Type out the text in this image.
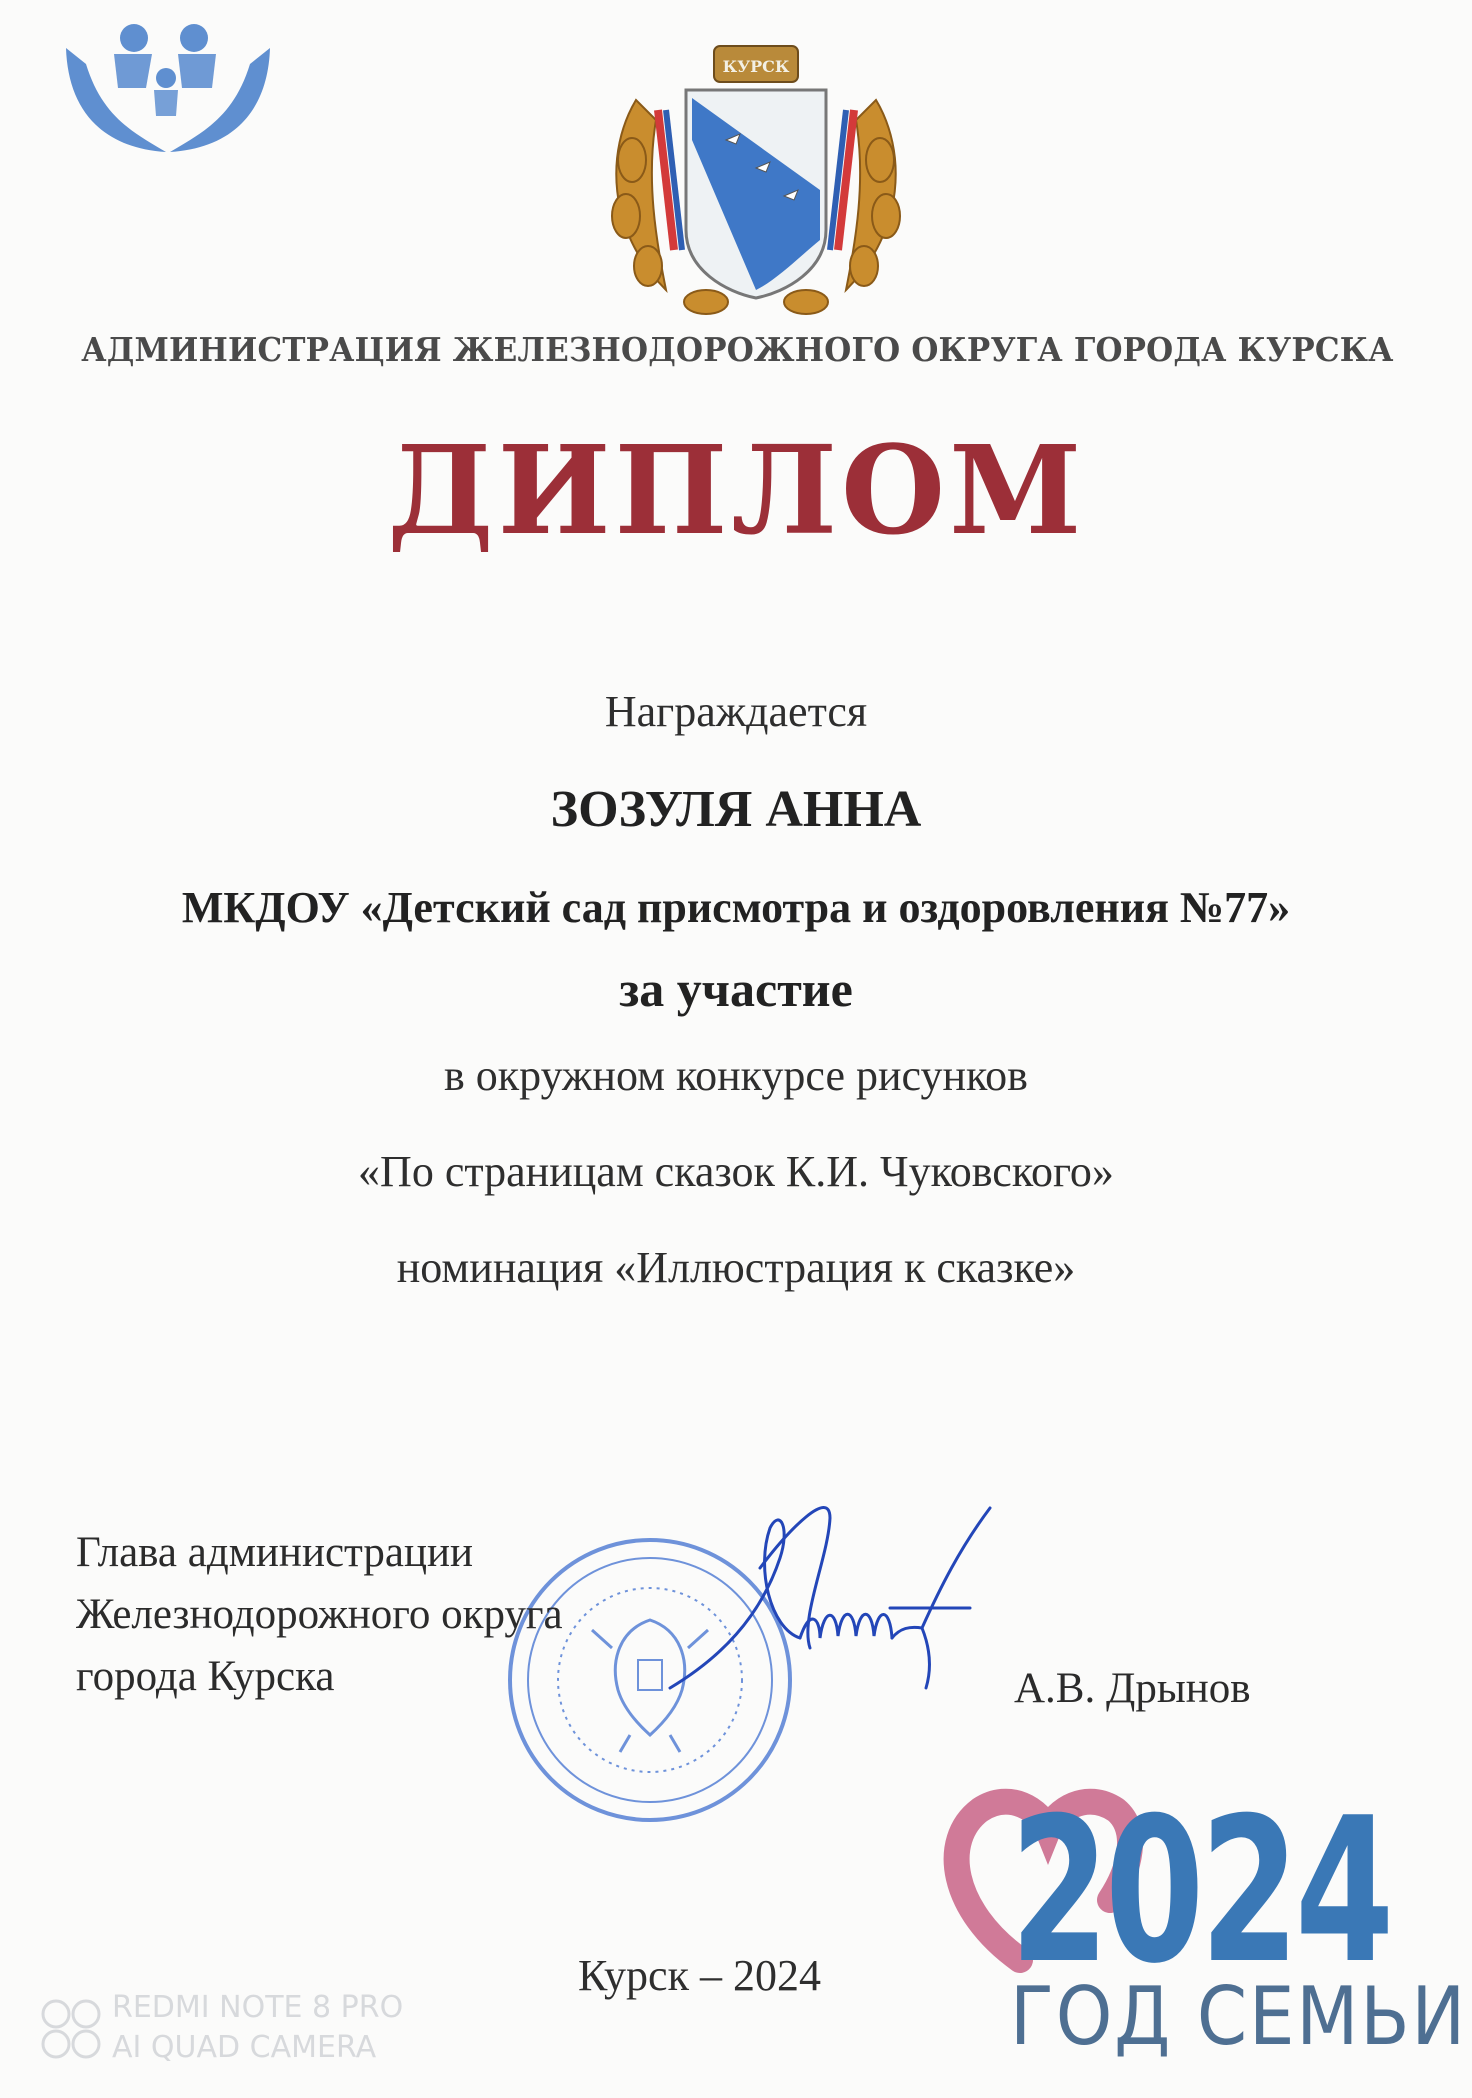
КУРСК
АДМИНИСТРАЦИЯ ЖЕЛЕЗНОДОРОЖНОГО ОКРУГА ГОРОДА КУРСКА
ДИПЛОМ
Награждается
ЗОЗУЛЯ АННА
МКДОУ «Детский сад присмотра и оздоровления №77»
за участие
в окружном конкурсе рисунков
«По страницам сказок К.И. Чуковского»
номинация «Иллюстрация к сказке»
Глава администрации
Железнодорожного округа
города Курска	А.В. Дрынов
2024
ГОД СЕМЬИ
Курск – 2024
REDMI NOTE 8 PRO
AI QUAD CAMERA
